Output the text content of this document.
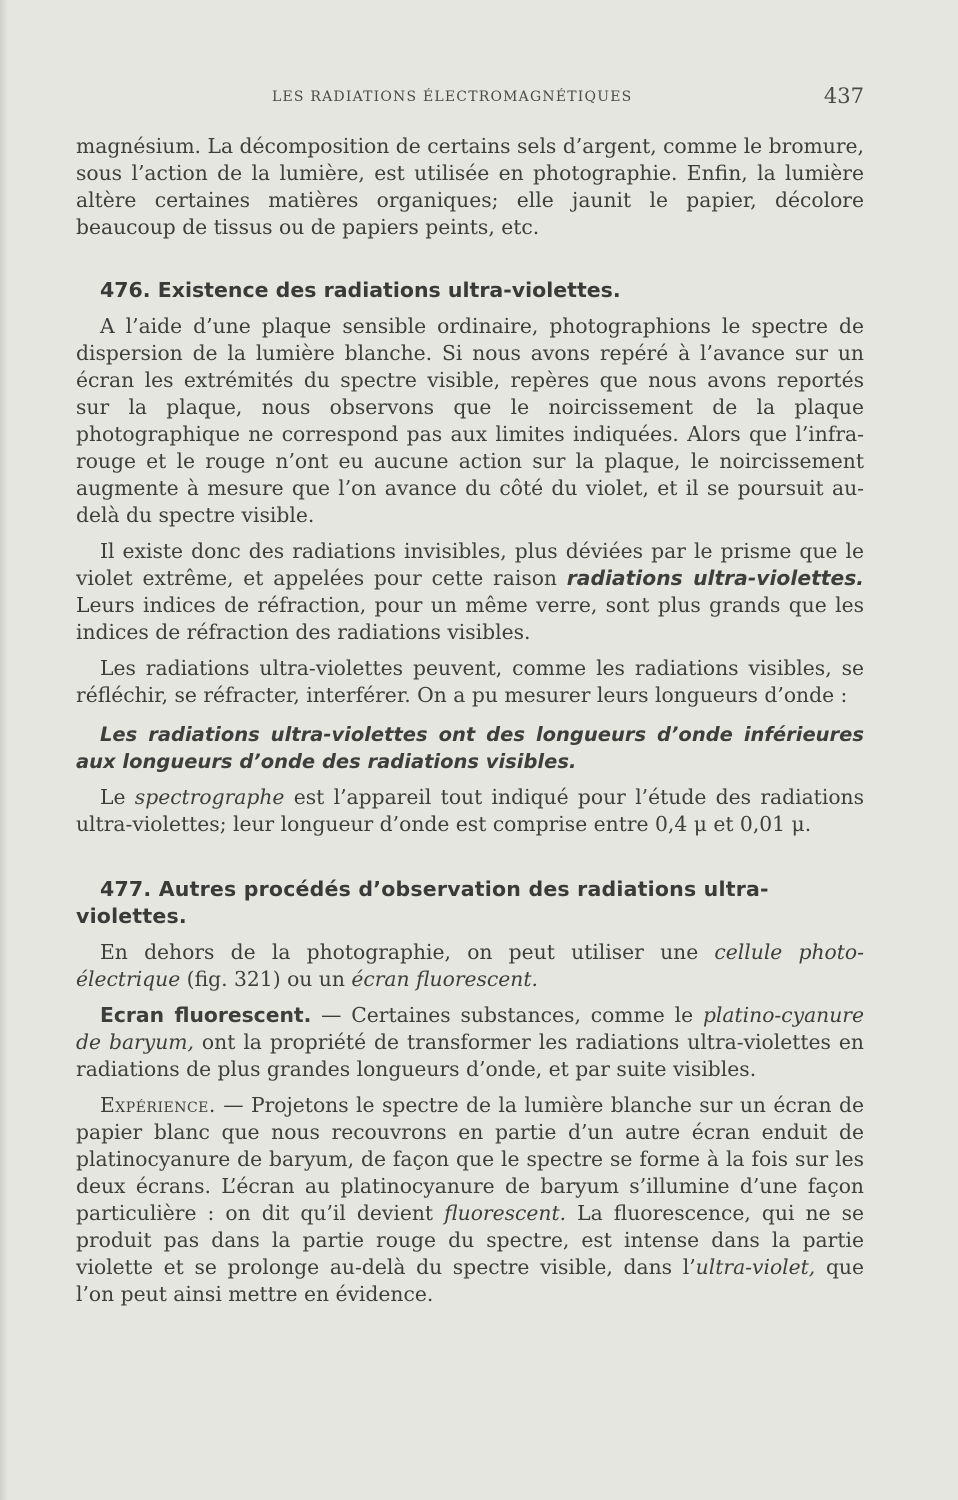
LES RADIATIONS ÉLECTROMAGNÉTIQUES	437

magnésium. La décomposition de certains sels d’argent, comme le bromure, sous l’action de la lumière, est utilisée en photographie. Enfin, la lumière altère certaines matières organiques; elle jaunit le papier, décolore beaucoup de tissus ou de papiers peints, etc.

476. Existence des radiations ultra-violettes.

A l’aide d’une plaque sensible ordinaire, photographions le spectre de dispersion de la lumière blanche. Si nous avons repéré à l’avance sur un écran les extrémités du spectre visible, repères que nous avons reportés sur la plaque, nous observons que le noircissement de la plaque photographique ne correspond pas aux limites indiquées. Alors que l’infra-rouge et le rouge n’ont eu aucune action sur la plaque, le noircissement augmente à mesure que l’on avance du côté du violet, et il se poursuit au-delà du spectre visible.

Il existe donc des radiations invisibles, plus déviées par le prisme que le violet extrême, et appelées pour cette raison radiations ultra-violettes. Leurs indices de réfraction, pour un même verre, sont plus grands que les indices de réfraction des radiations visibles.

Les radiations ultra-violettes peuvent, comme les radiations visibles, se réfléchir, se réfracter, interférer. On a pu mesurer leurs longueurs d’onde :

Les radiations ultra-violettes ont des longueurs d’onde inférieures aux longueurs d’onde des radiations visibles.

Le spectrographe est l’appareil tout indiqué pour l’étude des radiations ultra-violettes; leur longueur d’onde est comprise entre 0,4 μ et 0,01 μ.

477. Autres procédés d’observation des radiations ultra-violettes.

En dehors de la photographie, on peut utiliser une cellule photo-électrique (fig. 321) ou un écran fluorescent.

Ecran fluorescent. — Certaines substances, comme le platino-cyanure de baryum, ont la propriété de transformer les radiations ultra-violettes en radiations de plus grandes longueurs d’onde, et par suite visibles.

Expérience. — Projetons le spectre de la lumière blanche sur un écran de papier blanc que nous recouvrons en partie d’un autre écran enduit de platinocyanure de baryum, de façon que le spectre se forme à la fois sur les deux écrans. L’écran au platinocyanure de baryum s’illumine d’une façon particulière : on dit qu’il devient fluorescent. La fluorescence, qui ne se produit pas dans la partie rouge du spectre, est intense dans la partie violette et se prolonge au-delà du spectre visible, dans l’ultra-violet, que l’on peut ainsi mettre en évidence.
